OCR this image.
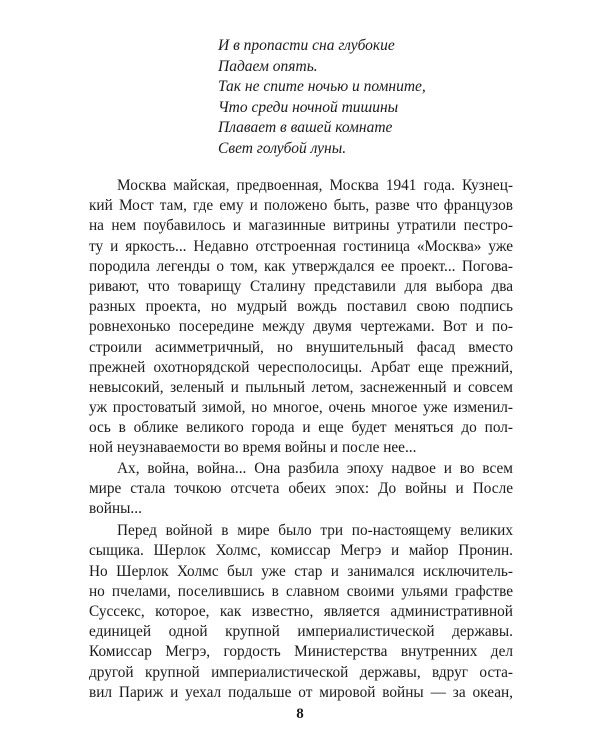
И в пропасти сна глубокие
Падаем опять.
Так не спите ночью и помните,
Что среди ночной тишины
Плавает в вашей комнате
Свет голубой луны.
Москва майская, предвоенная, Москва 1941 года. Кузнец-
кий Мост там, где ему и положено быть, разве что французов
на нем поубавилось и магазинные витрины утратили пестро-
ту и яркость... Недавно отстроенная гостиница «Москва» уже
породила легенды о том, как утверждался ее проект... Погова-
ривают, что товарищу Сталину представили для выбора два
разных проекта, но мудрый вождь поставил свою подпись
ровнехонько посередине между двумя чертежами. Вот и по-
строили асимметричный, но внушительный фасад вместо
прежней охотнорядской чересполосицы. Арбат еще прежний,
невысокий, зеленый и пыльный летом, заснеженный и совсем
уж простоватый зимой, но многое, очень многое уже изменил-
ось в облике великого города и еще будет меняться до пол-
ной неузнаваемости во время войны и после нее...
Ах, война, война... Она разбила эпоху надвое и во всем
мире стала точкою отсчета обеих эпох: До войны и После
войны...
Перед войной в мире было три по-настоящему великих
сыщика. Шерлок Холмс, комиссар Мегрэ и майор Пронин.
Но Шерлок Холмс был уже стар и занимался исключитель-
но пчелами, поселившись в славном своими ульями графстве
Суссекс, которое, как известно, является административной
единицей одной крупной империалистической державы.
Комиссар Мегрэ, гордость Министерства внутренних дел
другой крупной империалистической державы, вдруг оста-
вил Париж и уехал подальше от мировой войны — за океан,
8
